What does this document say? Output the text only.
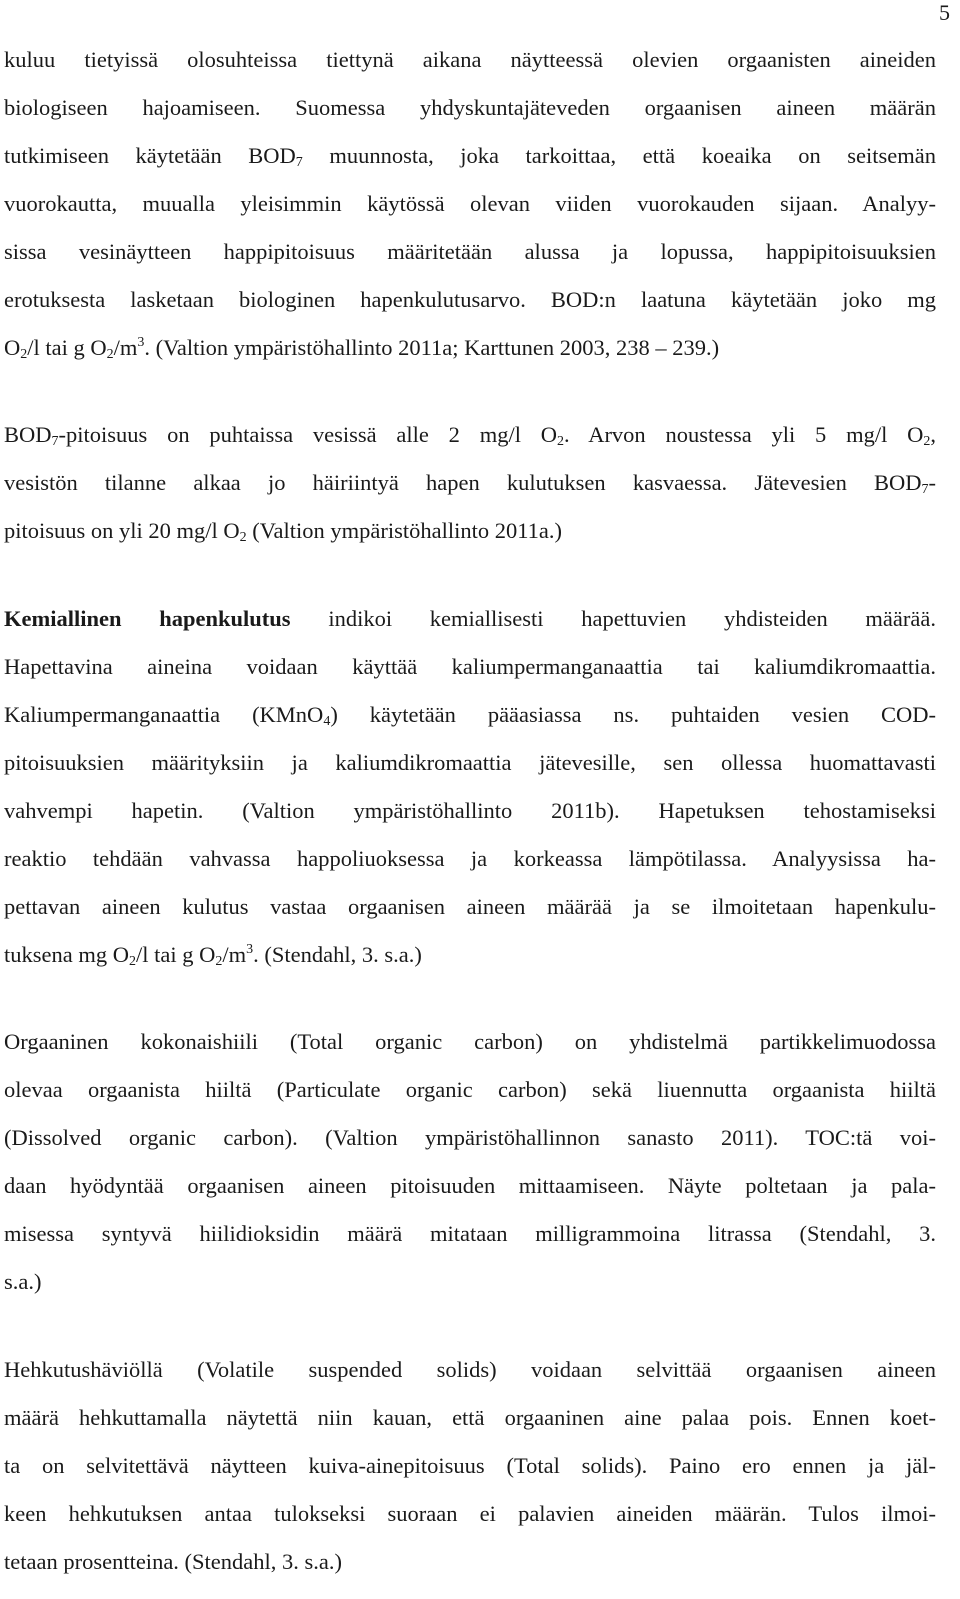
5
kuluu tietyissä olosuhteissa tiettynä aikana näytteessä olevien orgaanisten aineiden
biologiseen hajoamiseen. Suomessa yhdyskuntajäteveden orgaanisen aineen määrän
tutkimiseen käytetään $BOD_7$ muunnosta, joka tarkoittaa, että koeaika on seitsemän
vuorokautta, muualla yleisimmin käytössä olevan viiden vuorokauden sijaan. Analyy-
sissa vesinäytteen happipitoisuus määritetään alussa ja lopussa, happipitoisuuksien
erotuksesta lasketaan biologinen hapenkulutusarvo. BOD:n laatuna käytetään joko mg
$O_2/l$ tai g $O_2/m^3$. (Valtion ympäristöhallinto 2011a; Karttunen 2003, 238 – 239.)
$BOD_7$-pitoisuus on puhtaissa vesissä alle 2 mg/l $O_2$. Arvon noustessa yli 5 mg/l $O_2$,
vesistön tilanne alkaa jo häiriintyä hapen kulutuksen kasvaessa. Jätevesien $BOD_7-$
pitoisuus on yli 20 mg/l $O_2$ (Valtion ympäristöhallinto 2011a.)
Kemiallinen hapenkulutus indikoi kemiallisesti hapettuvien yhdisteiden määrää.
Hapettavina aineina voidaan käyttää kaliumpermanganaattia tai kaliumdikromaattia.
Kaliumpermanganaattia (KMnO$_4$) käytetään pääasiassa ns. puhtaiden vesien COD-
pitoisuuksien määrityksiin ja kaliumdikromaattia jätevesille, sen ollessa huomattavasti
vahvempi hapetin. (Valtion ympäristöhallinto 2011b). Hapetuksen tehostamiseksi
reaktio tehdään vahvassa happoliuoksessa ja korkeassa lämpötilassa. Analyysissa ha-
pettavan aineen kulutus vastaa orgaanisen aineen määrää ja se ilmoitetaan hapenkulu-
tuksena mg $O_2/l$ tai g $O_2/m^3$. (Stendahl, 3. s.a.)
Orgaaninen kokonaishiili (Total organic carbon) on yhdistelmä partikkelimuodossa
olevaa orgaanista hiiltä (Particulate organic carbon) sekä liuennutta orgaanista hiiltä
(Dissolved organic carbon). (Valtion ympäristöhallinnon sanasto 2011). TOC:tä voi-
daan hyödyntää orgaanisen aineen pitoisuuden mittaamiseen. Näyte poltetaan ja pala-
misessa syntyvä hiilidioksidin määrä mitataan milligrammoina litrassa (Stendahl, 3.
s.a.)
Hehkutushäviöllä (Volatile suspended solids) voidaan selvittää orgaanisen aineen
määrä hehkuttamalla näytettä niin kauan, että orgaaninen aine palaa pois. Ennen koet-
ta on selvitettävä näytteen kuiva-ainepitoisuus (Total solids). Paino ero ennen ja jäl-
keen hehkutuksen antaa tulokseksi suoraan ei palavien aineiden määrän. Tulos ilmoi-
tetaan prosentteina. (Stendahl, 3. s.a.)
